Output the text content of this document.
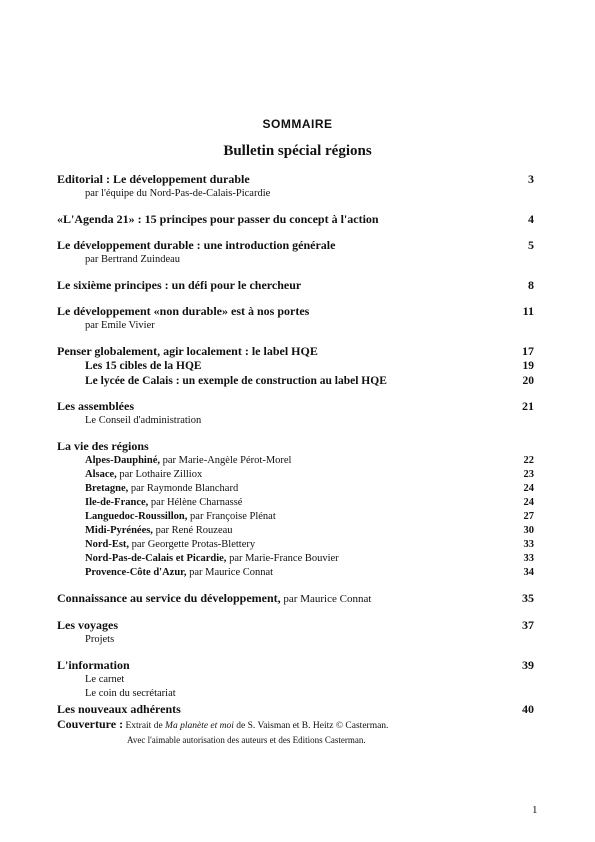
SOMMAIRE
Bulletin spécial régions
Editorial : Le développement durable	3
par l'équipe du Nord-Pas-de-Calais-Picardie
«L'Agenda 21» : 15 principes pour passer du concept à l'action	4
Le développement durable : une introduction générale	5
par Bertrand Zuindeau
Le sixième principes : un défi pour le chercheur	8
Le développement «non durable» est à nos portes	11
par Emile Vivier
Penser globalement, agir localement : le label HQE	17
Les 15 cibles de la HQE	19
Le lycée de Calais : un exemple de construction au label HQE	20
Les assemblées	21
Le Conseil d'administration
La vie des régions
Alpes-Dauphiné, par Marie-Angèle Pérot-Morel	22
Alsace, par Lothaire Zilliox	23
Bretagne, par Raymonde Blanchard	24
Ile-de-France, par Hélène Charnassé	24
Languedoc-Roussillon, par Françoise Plénat	27
Midi-Pyrénées, par René Rouzeau	30
Nord-Est, par Georgette Protas-Blettery	33
Nord-Pas-de-Calais et Picardie, par Marie-France Bouvier	33
Provence-Côte d'Azur, par Maurice Connat	34
Connaissance au service du développement, par Maurice Connat	35
Les voyages	37
Projets
L'information	39
Le carnet
Le coin du secrétariat
Les nouveaux adhérents	40
Couverture : Extrait de Ma planète et moi de S. Vaisman et B. Heitz © Casterman.
Avec l'aimable autorisation des auteurs et des Editions Casterman.
1
